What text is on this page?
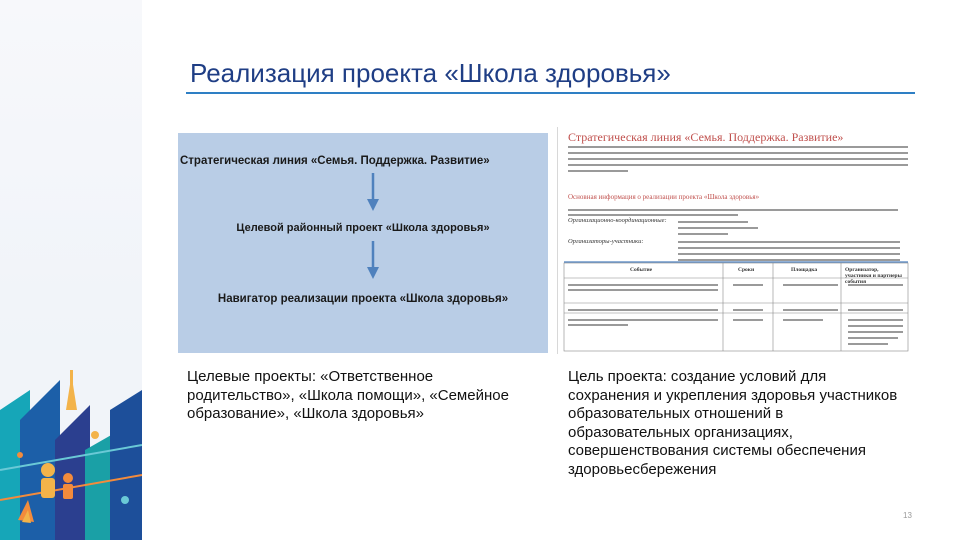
Реализация проекта «Школа здоровья»
Стратегическая линия «Семья. Поддержка. Развитие»
Целевой районный проект «Школа здоровья»
Навигатор реализации проекта «Школа здоровья»
Стратегическая линия «Семья. Поддержка. Развитие»
Основная информация о реализации проекта «Школа здоровья»
Организационно-координационные:
Организаторы-участники:
Событие	Сроки	Площадка	Организатор, участники и партнеры события
Целевые проекты: «Ответственное родительство», «Школа помощи», «Семейное образование», «Школа здоровья»
Цель проекта: создание условий для сохранения и укрепления здоровья участников образовательных отношений в образовательных организациях, совершенствования системы обеспечения здоровьесбережения
13
